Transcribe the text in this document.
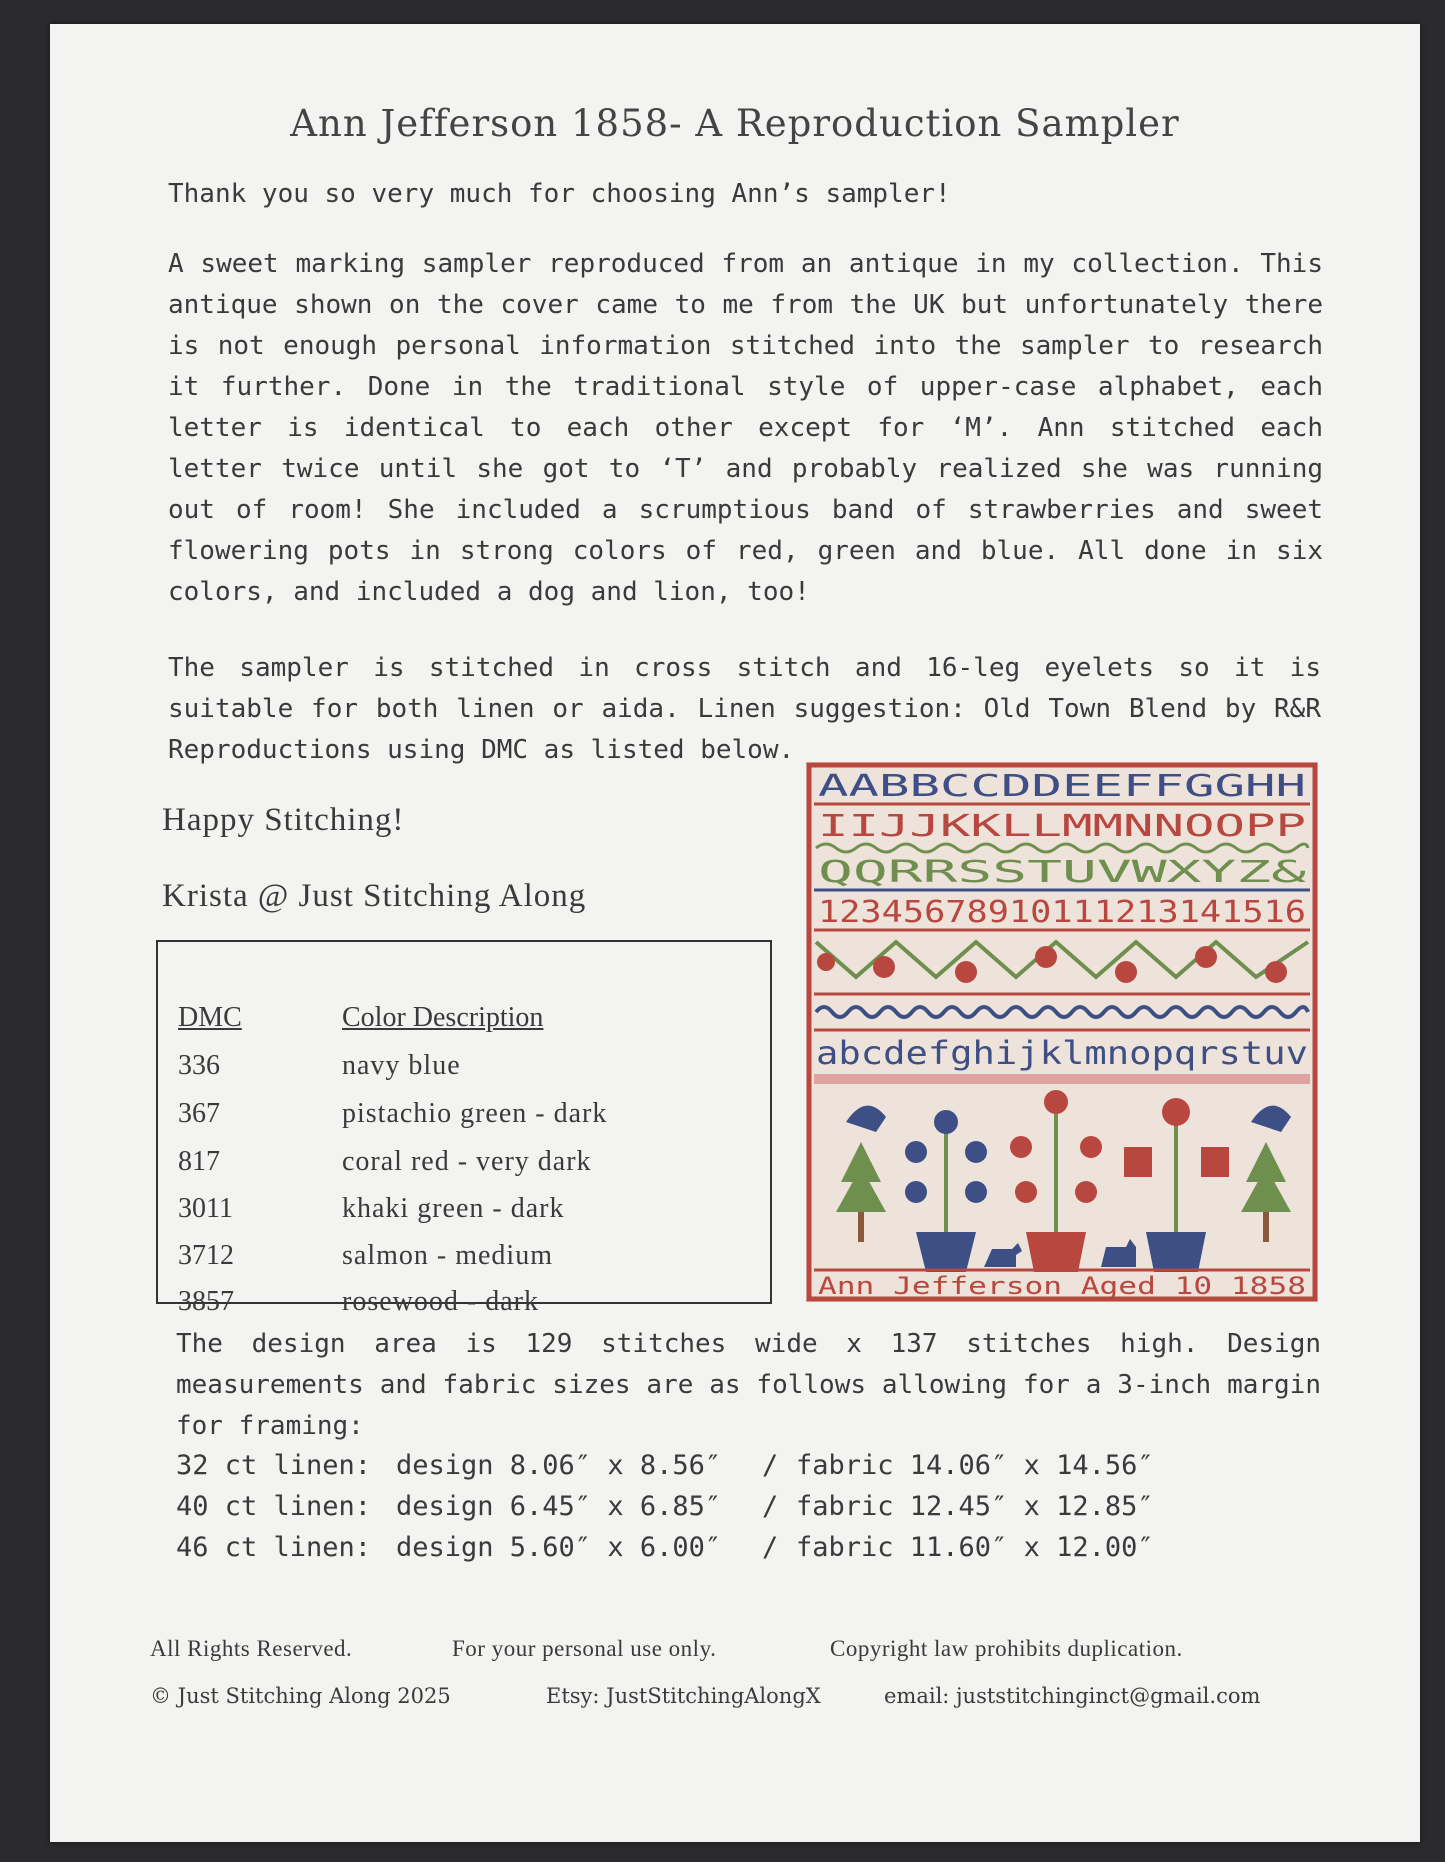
Ann Jefferson 1858- A Reproduction Sampler
Thank you so very much for choosing Ann’s sampler!
A sweet marking sampler reproduced from an antique in my collection. This antique shown on the cover came to me from the UK but unfortunately there is not enough personal information stitched into the sampler to research it further. Done in the traditional style of upper-case alphabet, each letter is identical to each other except for ‘M’. Ann stitched each letter twice until she got to ‘T’ and probably realized she was running out of room! She included a scrumptious band of strawberries and sweet flowering pots in strong colors of red, green and blue. All done in six colors, and included a dog and lion, too!
The sampler is stitched in cross stitch and 16-leg eyelets so it is suitable for both linen or aida. Linen suggestion: Old Town Blend by R&R Reproductions using DMC as listed below.
Happy Stitching!
Krista @ Just Stitching Along
DMC	Color Description
336	navy blue
367	pistachio green - dark
817	coral red - very dark
3011	khaki green - dark
3712	salmon - medium
3857	rosewood - dark
AABBCCDDEEFFGGHH
IIJJKKLLMMNNOOPP
QQRRSSTUVWXYZ&
12345678910111213141516
abcdefghijklmnopqrstuv
Ann Jefferson Aged 10 1858
The design area is 129 stitches wide x 137 stitches high. Design measurements and fabric sizes are as follows allowing for a 3-inch margin for framing:
32 ct linen: design 8.06″ x 8.56″ / fabric 14.06″ x 14.56″
40 ct linen: design 6.45″ x 6.85″ / fabric 12.45″ x 12.85″
46 ct linen: design 5.60″ x 6.00″ / fabric 11.60″ x 12.00″
All Rights Reserved.	For your personal use only.	Copyright law prohibits duplication.
© Just Stitching Along 2025	Etsy: JustStitchingAlongX	email: juststitchinginct@gmail.com
